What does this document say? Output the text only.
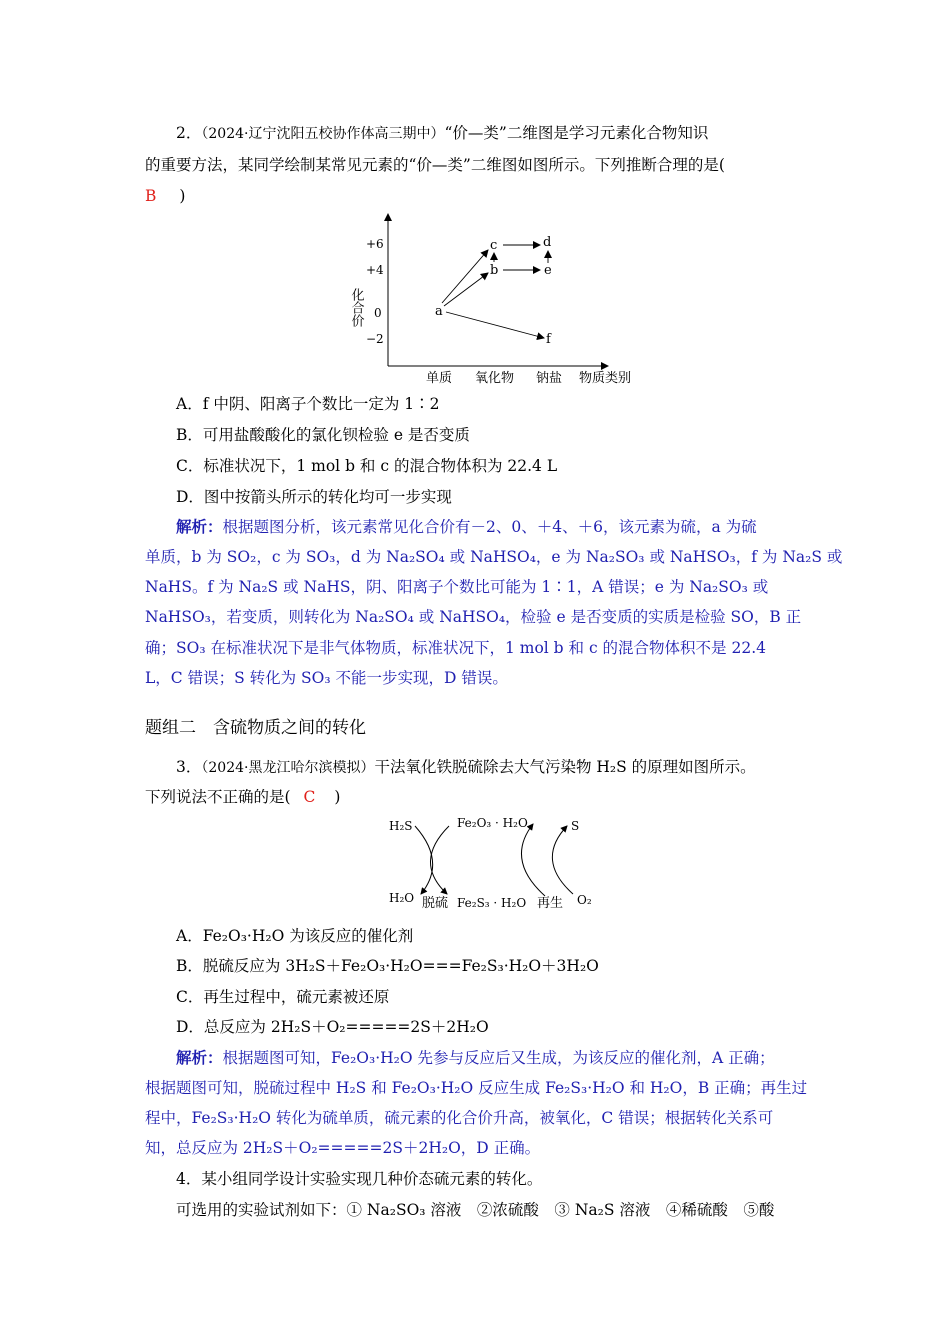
2．（2024·辽宁沈阳五校协作体高三期中）“价—类”二维图是学习元素化合物知识
的重要方法，某同学绘制某常见元素的“价—类”二维图如图所示。下列推断合理的是(
B )
化合价
+6
+4
0
−2
单质 氧化物 钠盐 物质类别
a
b
c	d
e
f
A．f 中阴、阳离子个数比一定为 1∶2
B．可用盐酸酸化的氯化钡检验 e 是否变质
C．标准状况下，1 mol b 和 c 的混合物体积为 22.4 L
D．图中按箭头所示的转化均可一步实现
解析：根据题图分析，该元素常见化合价有－2、0、＋4、＋6，该元素为硫，a 为硫
单质，b 为 SO₂，c 为 SO₃，d 为 Na₂SO₄ 或 NaHSO₄，e 为 Na₂SO₃ 或 NaHSO₃，f 为 Na₂S 或
NaHS。f 为 Na₂S 或 NaHS，阴、阳离子个数比可能为 1∶1，A 错误；e 为 Na₂SO₃ 或
NaHSO₃，若变质，则转化为 Na₂SO₄ 或 NaHSO₄，检验 e 是否变质的实质是检验 SO，B 正
确；SO₃ 在标准状况下是非气体物质，标准状况下，1 mol b 和 c 的混合物体积不是 22.4
L，C 错误；S 转化为 SO₃ 不能一步实现，D 错误。
题组二　含硫物质之间的转化
3．（2024·黑龙江哈尔滨模拟）干法氧化铁脱硫除去大气污染物 H₂S 的原理如图所示。
下列说法不正确的是( C )
H₂S	Fe₂O₃ · H₂O	S
H₂O 脱硫 Fe₂S₃ · H₂O 再生 O₂
A．Fe₂O₃·H₂O 为该反应的催化剂
B．脱硫反应为 3H₂S＋Fe₂O₃·H₂O===Fe₂S₃·H₂O＋3H₂O
C．再生过程中，硫元素被还原
D．总反应为 2H₂S＋O₂=====2S＋2H₂O
解析：根据题图可知，Fe₂O₃·H₂O 先参与反应后又生成，为该反应的催化剂，A 正确；
根据题图可知，脱硫过程中 H₂S 和 Fe₂O₃·H₂O 反应生成 Fe₂S₃·H₂O 和 H₂O，B 正确；再生过
程中，Fe₂S₃·H₂O 转化为硫单质，硫元素的化合价升高，被氧化，C 错误；根据转化关系可
知，总反应为 2H₂S＋O₂=====2S＋2H₂O，D 正确。
4．某小组同学设计实验实现几种价态硫元素的转化。
可选用的实验试剂如下：① Na₂SO₃ 溶液　②浓硫酸　③ Na₂S 溶液　④稀硫酸　⑤酸
